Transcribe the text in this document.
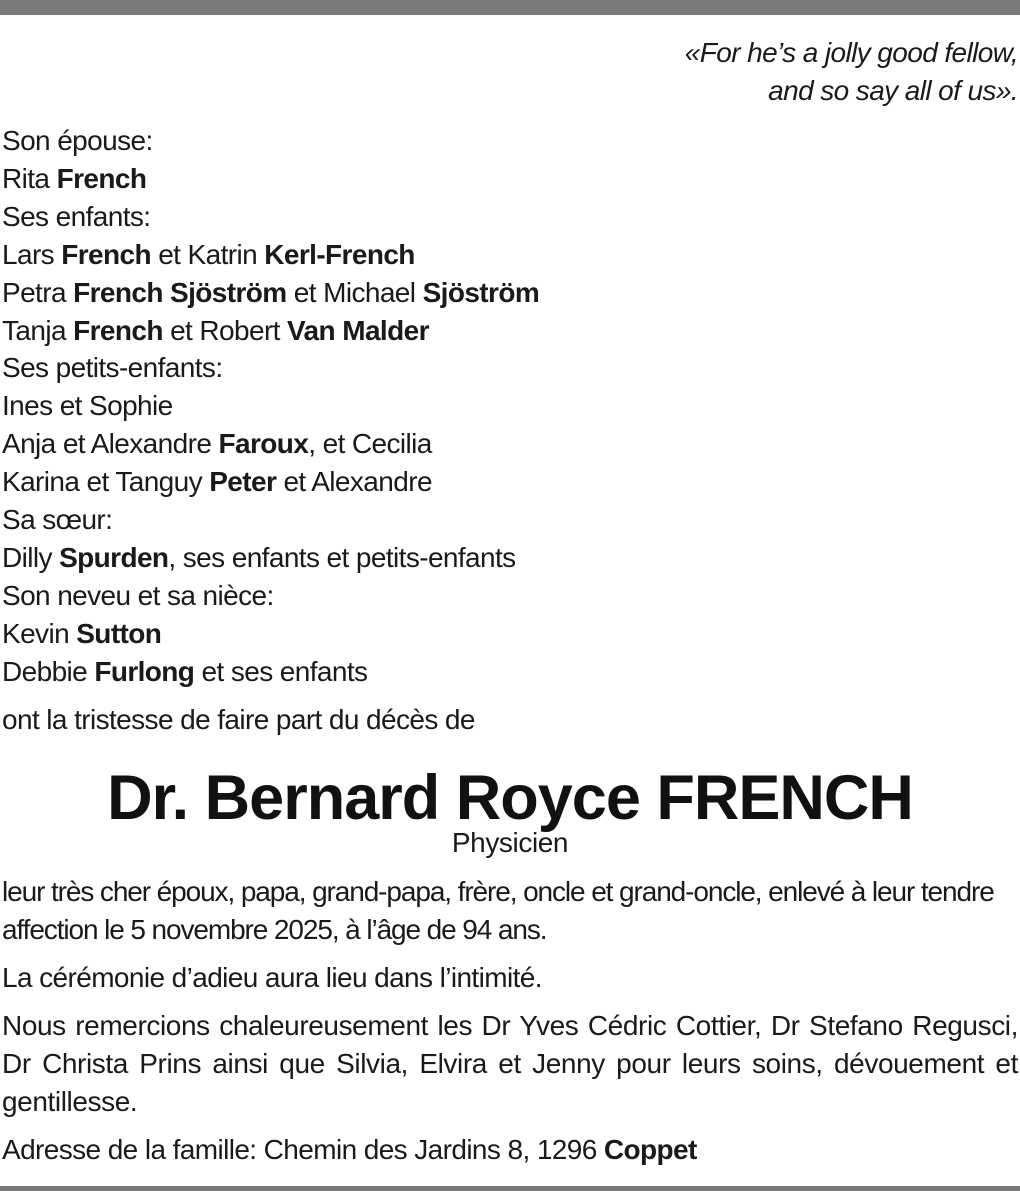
«For he’s a jolly good fellow,
and so say all of us».
Son épouse:
Rita French
Ses enfants:
Lars French et Katrin Kerl-French
Petra French Sjöström et Michael Sjöström
Tanja French et Robert Van Malder
Ses petits-enfants:
Ines et Sophie
Anja et Alexandre Faroux, et Cecilia
Karina et Tanguy Peter et Alexandre
Sa sœur:
Dilly Spurden, ses enfants et petits-enfants
Son neveu et sa nièce:
Kevin Sutton
Debbie Furlong et ses enfants
ont la tristesse de faire part du décès de
Dr. Bernard Royce FRENCH
Physicien
leur très cher époux, papa, grand-papa, frère, oncle et grand-oncle, enlevé à leur tendre affection le 5 novembre 2025, à l’âge de 94 ans.
La cérémonie d’adieu aura lieu dans l’intimité.
Nous remercions chaleureusement les Dr Yves Cédric Cottier, Dr Stefano Regusci, Dr Christa Prins ainsi que Silvia, Elvira et Jenny pour leurs soins, dévouement et gentillesse.
Adresse de la famille: Chemin des Jardins 8, 1296 Coppet
